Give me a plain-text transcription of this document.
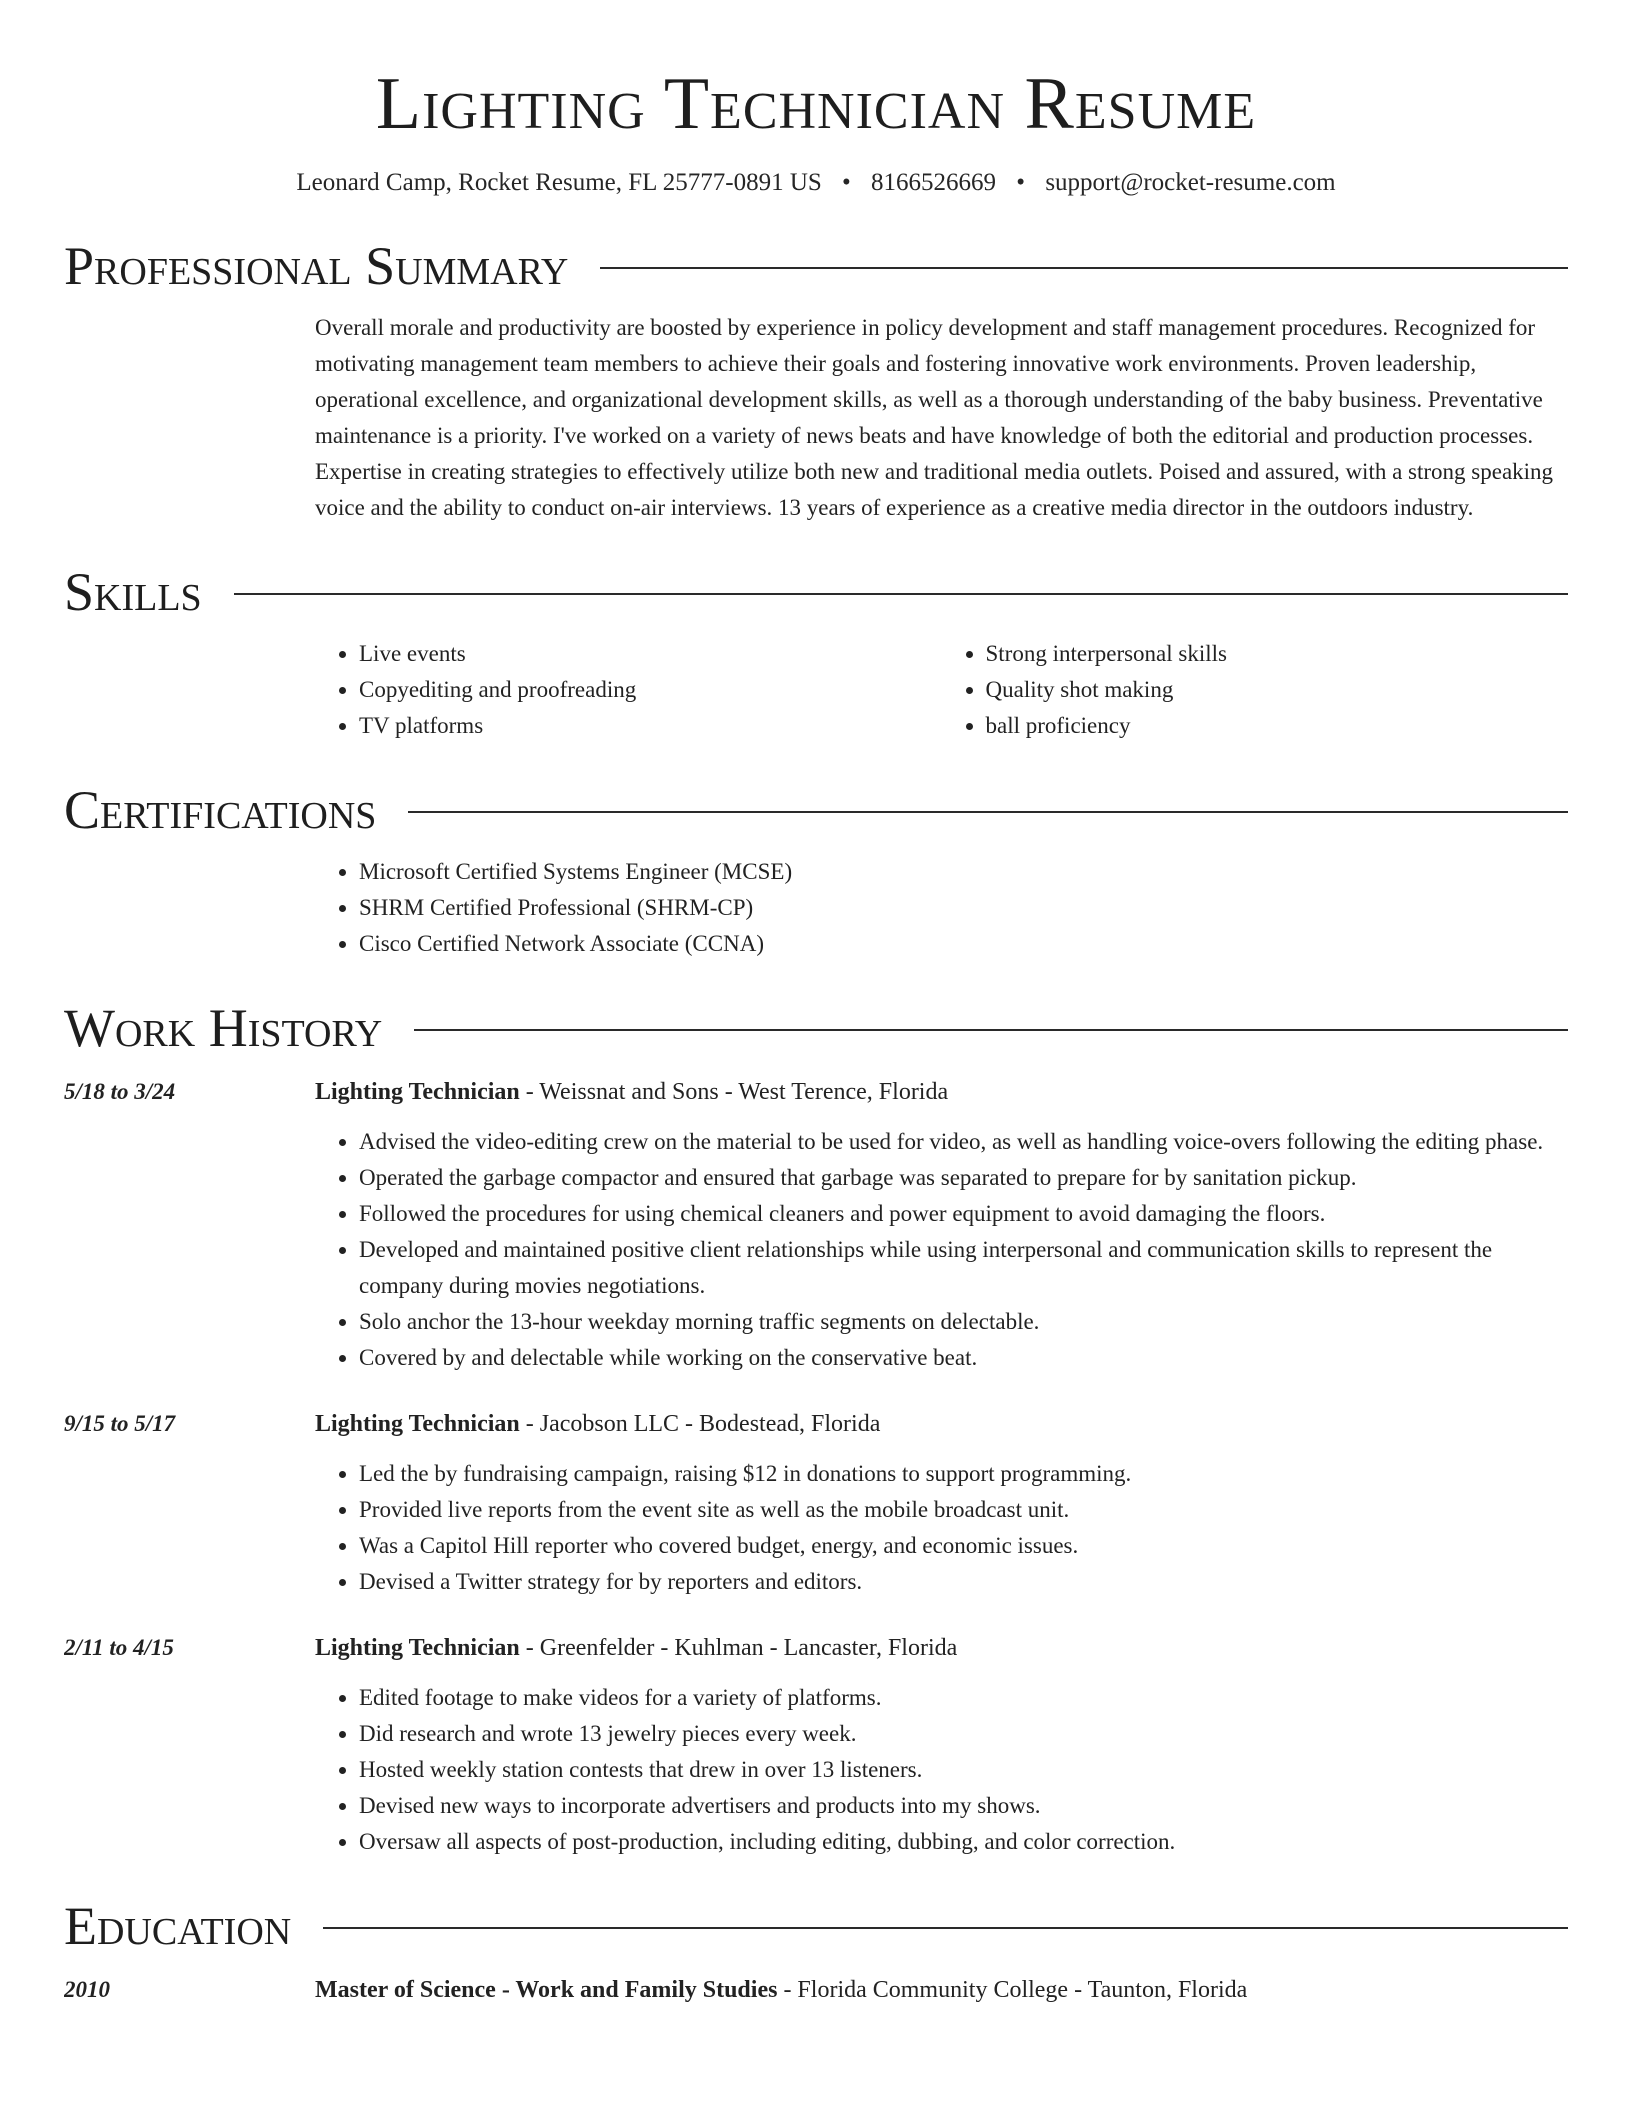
Lighting Technician Resume
Leonard Camp, Rocket Resume, FL 25777-0891 US • 8166526669 • support@rocket-resume.com
Professional Summary

Overall morale and productivity are boosted by experience in policy development and staff management procedures. Recognized for motivating management team members to achieve their goals and fostering innovative work environments. Proven leadership, operational excellence, and organizational development skills, as well as a thorough understanding of the baby business. Preventative maintenance is a priority. I've worked on a variety of news beats and have knowledge of both the editorial and production processes. Expertise in creating strategies to effectively utilize both new and traditional media outlets. Poised and assured, with a strong speaking voice and the ability to conduct on-air interviews. 13 years of experience as a creative media director in the outdoors industry.

Skills
• Live events
• Copyediting and proofreading
• TV platforms
• Strong interpersonal skills
• Quality shot making
• ball proficiency
Certifications
• Microsoft Certified Systems Engineer (MCSE)
• SHRM Certified Professional (SHRM-CP)
• Cisco Certified Network Associate (CCNA)
Work History
5/18 to 3/24	Lighting Technician - Weissnat and Sons - West Terence, Florida
• Advised the video-editing crew on the material to be used for video, as well as handling voice-overs following the editing phase.
• Operated the garbage compactor and ensured that garbage was separated to prepare for by sanitation pickup.
• Followed the procedures for using chemical cleaners and power equipment to avoid damaging the floors.
• Developed and maintained positive client relationships while using interpersonal and communication skills to represent the company during movies negotiations.
• Solo anchor the 13-hour weekday morning traffic segments on delectable.
• Covered by and delectable while working on the conservative beat.
9/15 to 5/17	Lighting Technician - Jacobson LLC - Bodestead, Florida
• Led the by fundraising campaign, raising $12 in donations to support programming.
• Provided live reports from the event site as well as the mobile broadcast unit.
• Was a Capitol Hill reporter who covered budget, energy, and economic issues.
• Devised a Twitter strategy for by reporters and editors.
2/11 to 4/15	Lighting Technician - Greenfelder - Kuhlman - Lancaster, Florida
• Edited footage to make videos for a variety of platforms.
• Did research and wrote 13 jewelry pieces every week.
• Hosted weekly station contests that drew in over 13 listeners.
• Devised new ways to incorporate advertisers and products into my shows.
• Oversaw all aspects of post-production, including editing, dubbing, and color correction.
Education
2010	Master of Science - Work and Family Studies - Florida Community College - Taunton, Florida
